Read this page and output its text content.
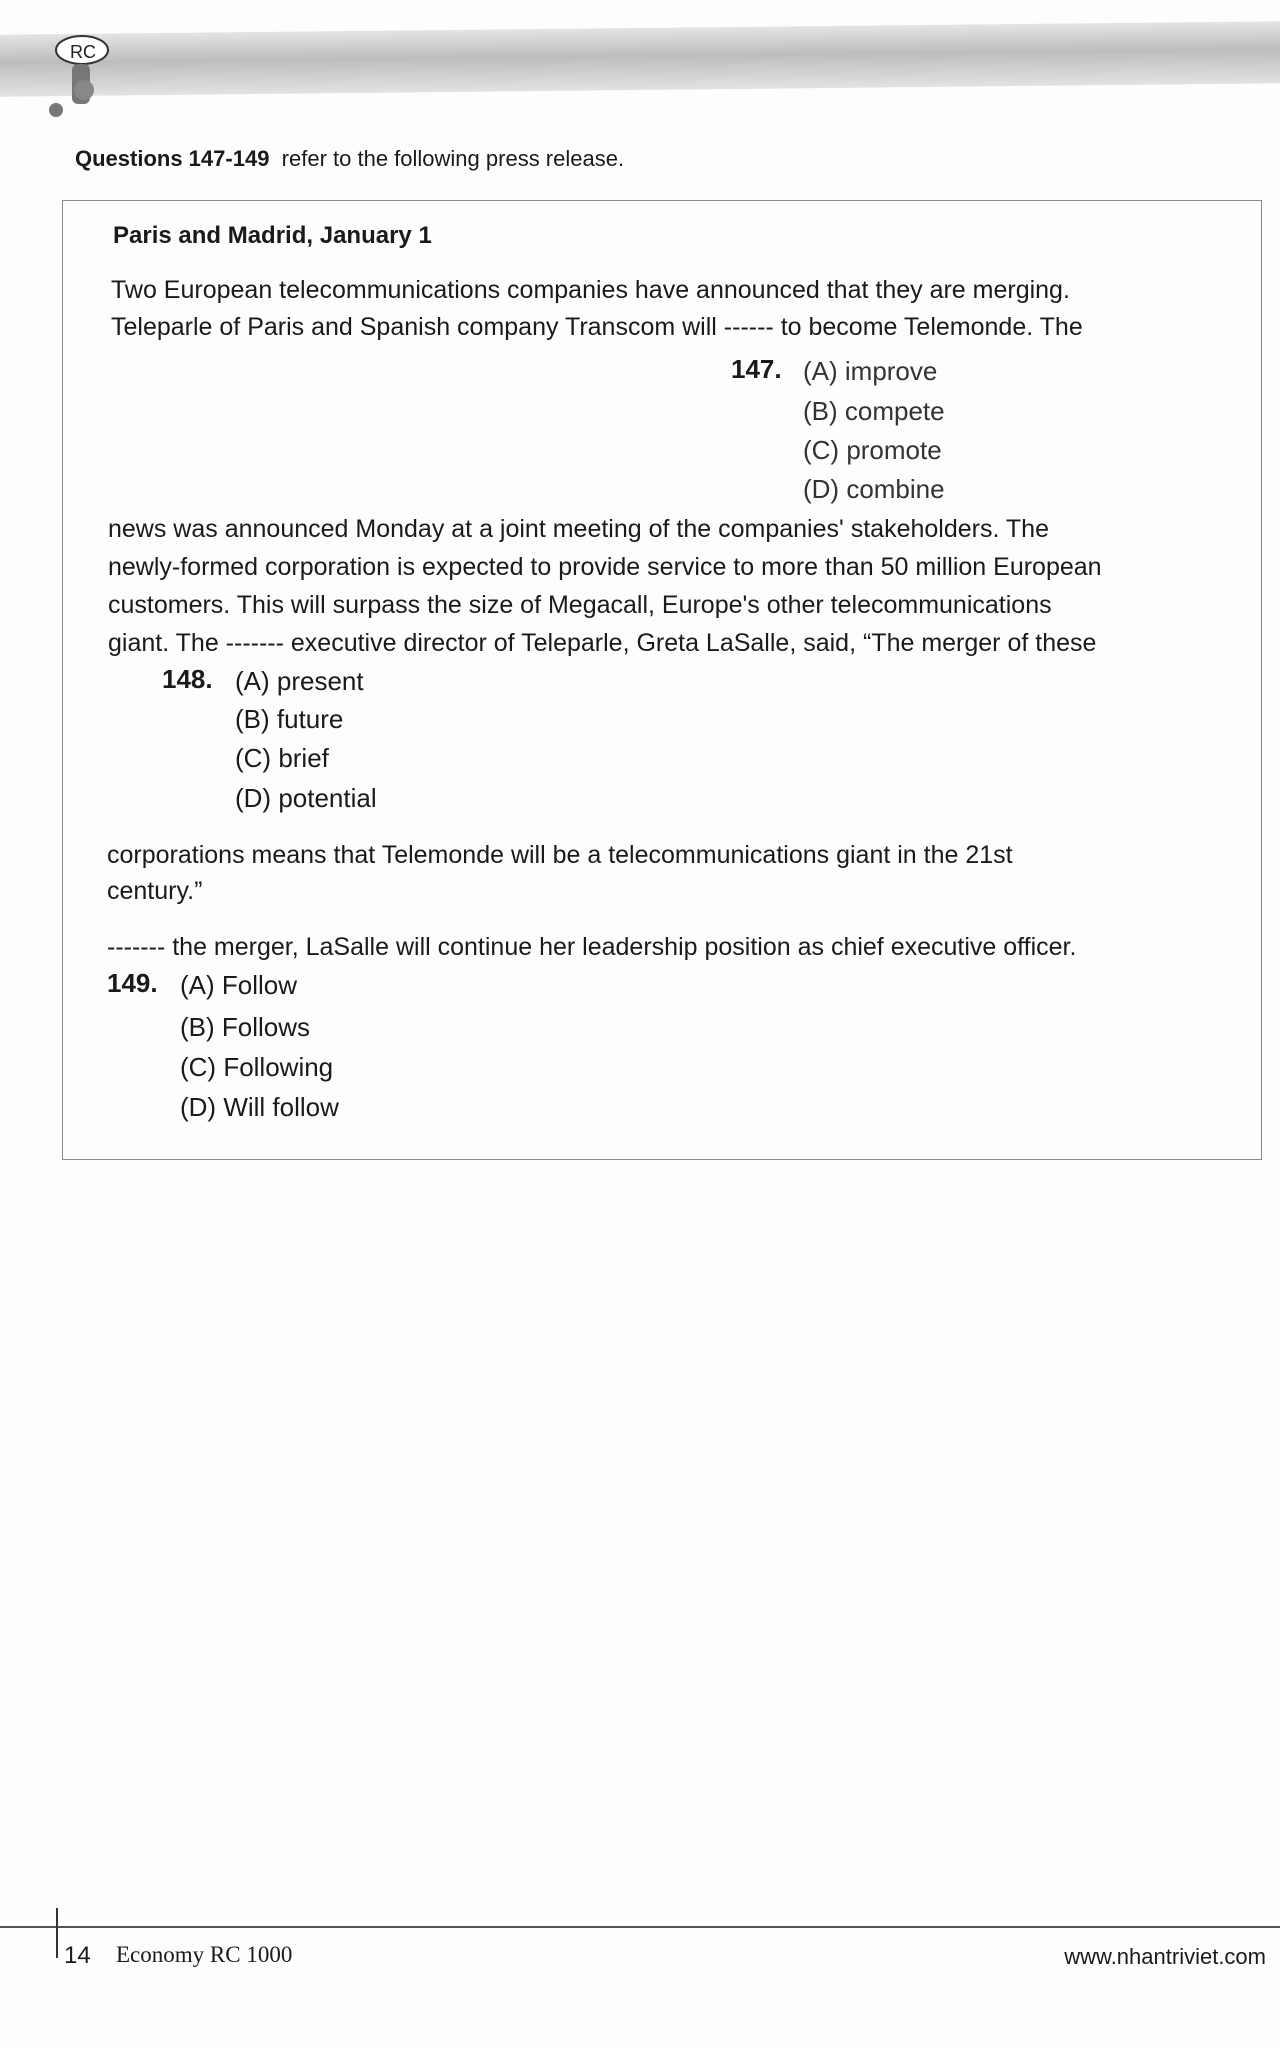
RC
Questions 147-149 refer to the following press release.
Paris and Madrid, January 1
Two European telecommunications companies have announced that they are merging.
Teleparle of Paris and Spanish company Transcom will ------ to become Telemonde. The
147. (A) improve
(B) compete
(C) promote
(D) combine
news was announced Monday at a joint meeting of the companies' stakeholders. The
newly-formed corporation is expected to provide service to more than 50 million European
customers. This will surpass the size of Megacall, Europe's other telecommunications
giant. The ------- executive director of Teleparle, Greta LaSalle, said, “The merger of these
148. (A) present
(B) future
(C) brief
(D) potential
corporations means that Telemonde will be a telecommunications giant in the 21st
century.”
------- the merger, LaSalle will continue her leadership position as chief executive officer.
149. (A) Follow
(B) Follows
(C) Following
(D) Will follow
14 Economy RC 1000	www.nhantriviet.com
